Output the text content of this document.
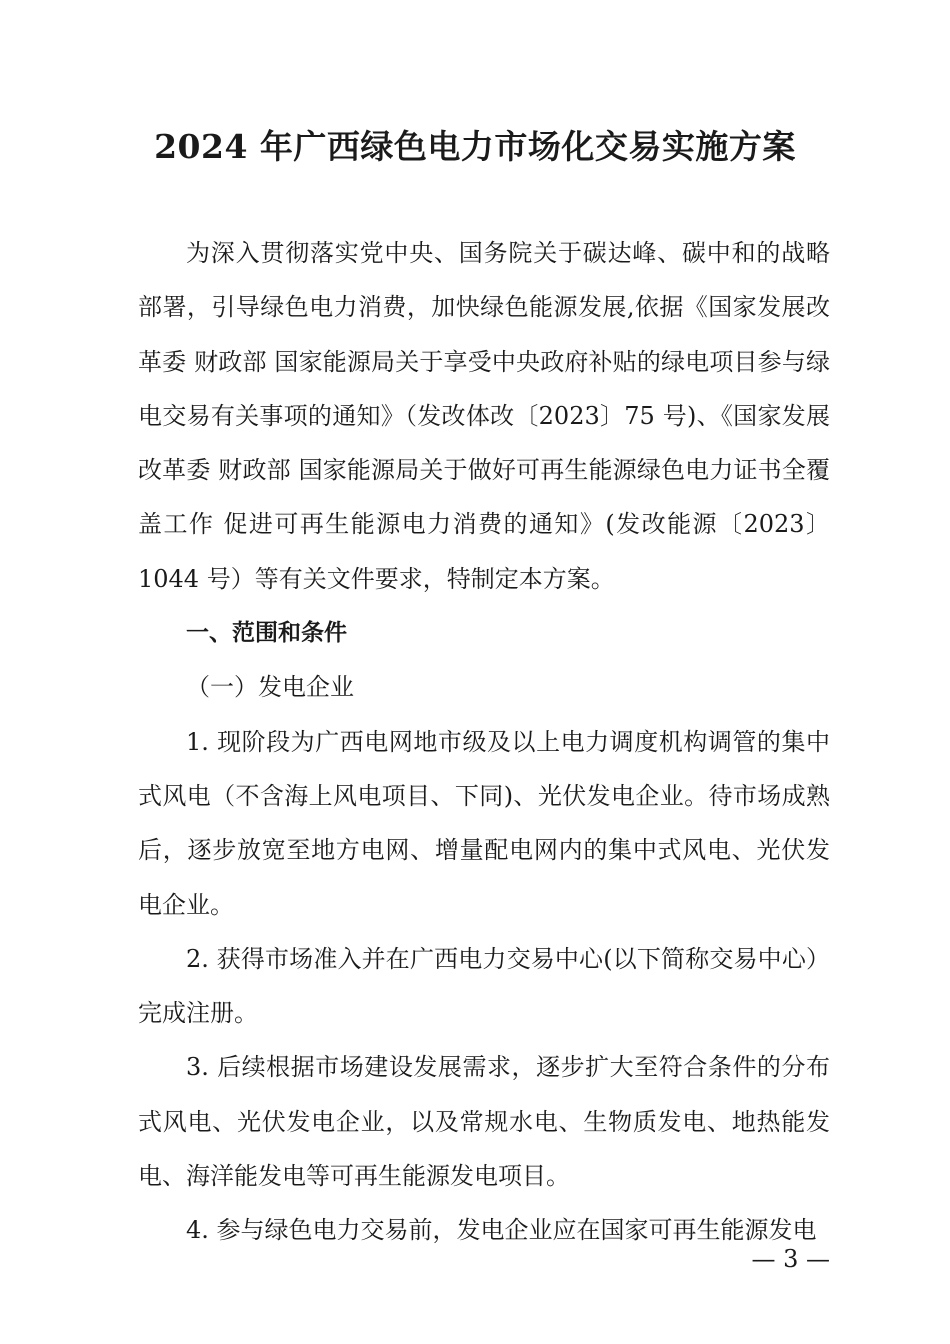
2024 年广西绿色电力市场化交易实施方案

为深入贯彻落实党中央、国务院关于碳达峰、碳中和的战略部署，引导绿色电力消费，加快绿色能源发展,依据《国家发展改革委 财政部 国家能源局关于享受中央政府补贴的绿电项目参与绿电交易有关事项的通知》（发改体改〔2023〕75 号)、《国家发展改革委 财政部 国家能源局关于做好可再生能源绿色电力证书全覆盖工作 促进可再生能源电力消费的通知》(发改能源〔2023〕1044 号）等有关文件要求，特制定本方案。

一、范围和条件

（一）发电企业

1. 现阶段为广西电网地市级及以上电力调度机构调管的集中式风电（不含海上风电项目、下同)、光伏发电企业。待市场成熟后，逐步放宽至地方电网、增量配电网内的集中式风电、光伏发电企业。

2. 获得市场准入并在广西电力交易中心(以下简称交易中心）完成注册。

3. 后续根据市场建设发展需求，逐步扩大至符合条件的分布式风电、光伏发电企业，以及常规水电、生物质发电、地热能发电、海洋能发电等可再生能源发电项目。

4. 参与绿色电力交易前，发电企业应在国家可再生能源发电

— 3 —
